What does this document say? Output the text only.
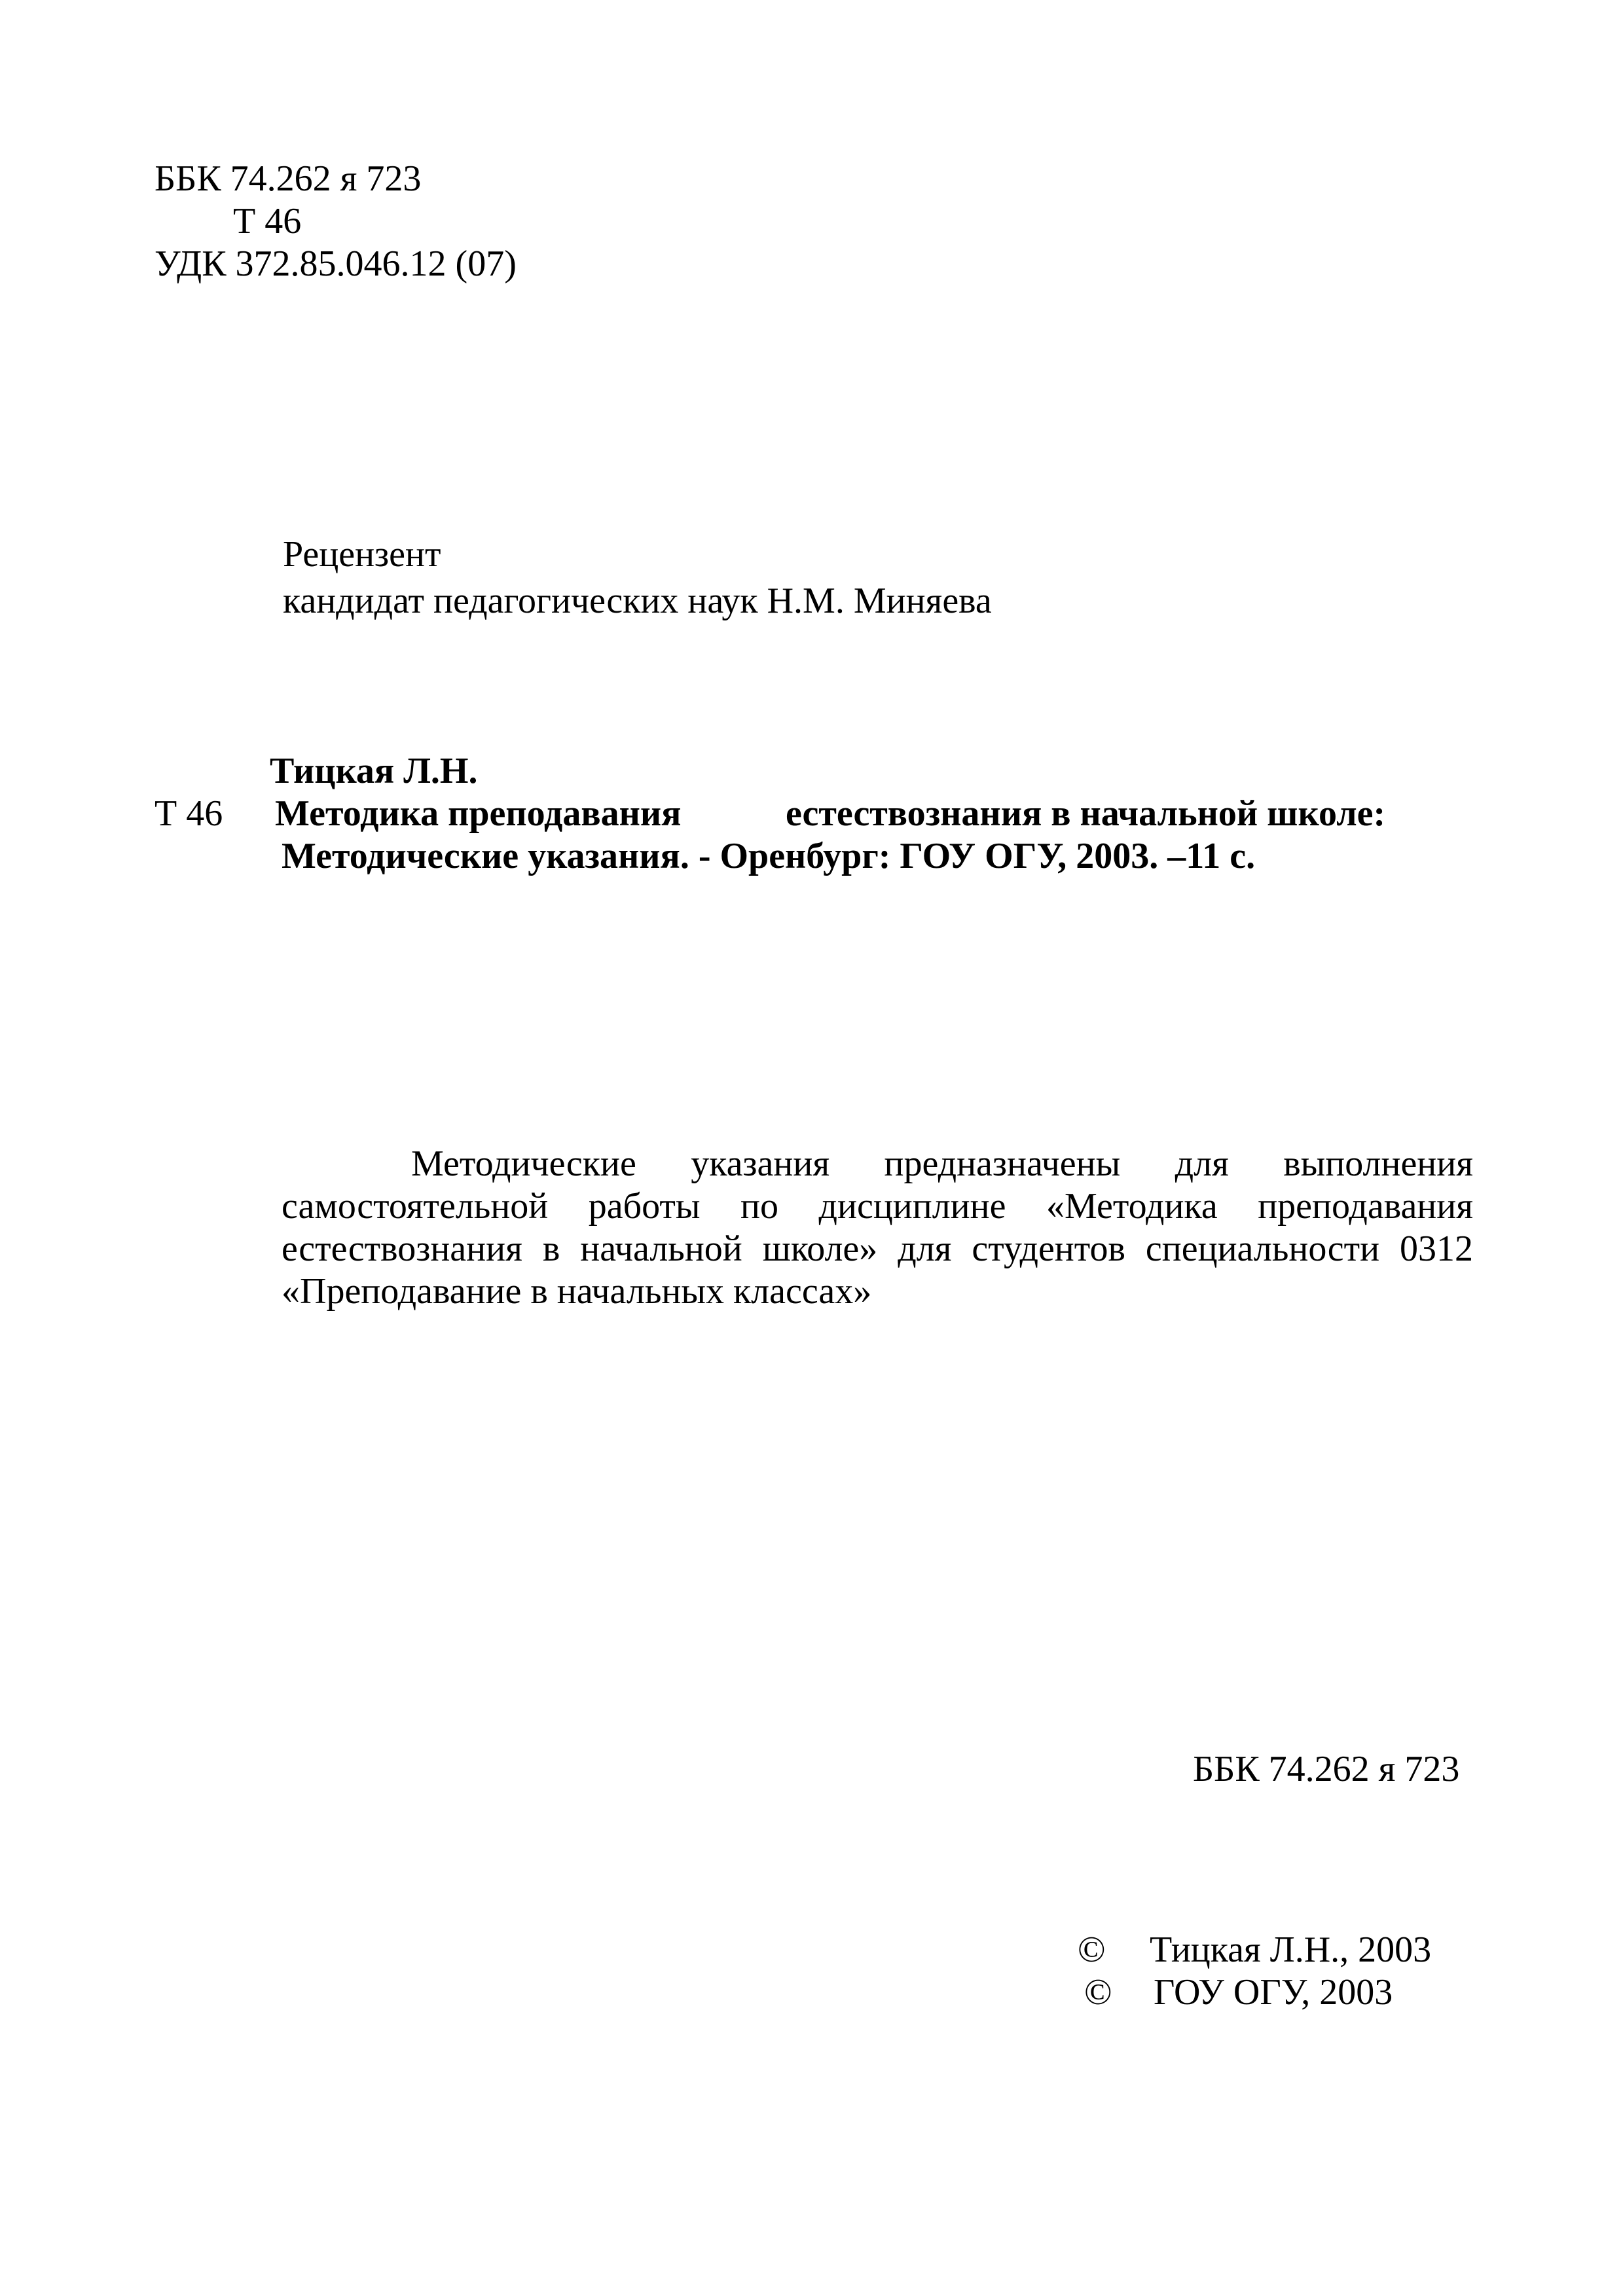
ББК 74.262 я 723

Т 46

УДК 372.85.046.12 (07)

Рецензент

кандидат педагогических наук Н.М. Миняева

Тицкая Л.Н.

Т 46 Методика преподавания	естествознания в начальной школе:

Методические указания. - Оренбург: ГОУ ОГУ, 2003. –11 с.

Методические указания предназначены для выполнения
самостоятельной работы по дисциплине «Методика преподавания
естествознания в начальной школе» для студентов специальности 0312
«Преподавание в начальных классах»

ББК 74.262 я 723

© Тицкая Л.Н., 2003

© ГОУ ОГУ, 2003
